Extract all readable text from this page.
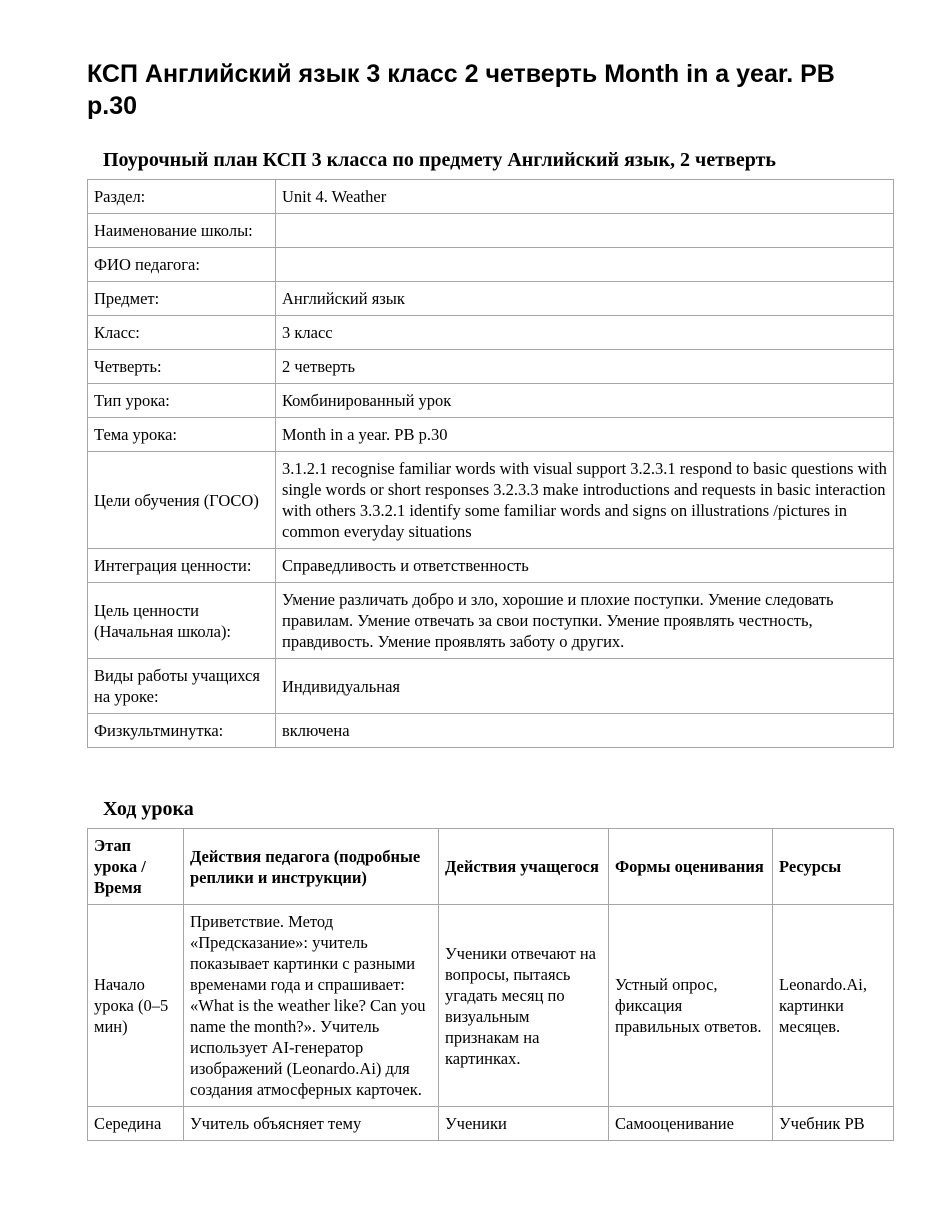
КСП Английский язык 3 класс 2 четверть Month in a year. PB p.30
Поурочный план КСП 3 класса по предмету Английский язык, 2 четверть
Раздел:	Unit 4. Weather
Наименование школы:	
ФИО педагога:	
Предмет:	Английский язык
Класс:	3 класс
Четверть:	2 четверть
Тип урока:	Комбинированный урок
Тема урока:	Month in a year. PB p.30
Цели обучения (ГОСО)	3.1.2.1 recognise familiar words with visual support 3.2.3.1 respond to basic questions with single words or short responses 3.2.3.3 make introductions and requests in basic interaction with others 3.3.2.1 identify some familiar words and signs on illustrations /pictures in common everyday situations
Интеграция ценности:	Справедливость и ответственность
Цель ценности (Начальная школа):	Умение различать добро и зло, хорошие и плохие поступки. Умение следовать правилам. Умение отвечать за свои поступки. Умение проявлять честность, правдивость. Умение проявлять заботу о других.
Виды работы учащихся на уроке:	Индивидуальная
Физкультминутка:	включена
Ход урока
Этап урока / Время	Действия педагога (подробные реплики и инструкции)	Действия учащегося	Формы оценивания	Ресурсы
Начало урока (0–5 мин)	Приветствие. Метод «Предсказание»: учитель показывает картинки с разными временами года и спрашивает: «What is the weather like? Can you name the month?». Учитель использует AI-генератор изображений (Leonardo.Ai) для создания атмосферных карточек.	Ученики отвечают на вопросы, пытаясь угадать месяц по визуальным признакам на картинках.	Устный опрос, фиксация правильных ответов.	Leonardo.Ai, картинки месяцев.
Середина	Учитель объясняет тему	Ученики	Самооценивание	Учебник PB
